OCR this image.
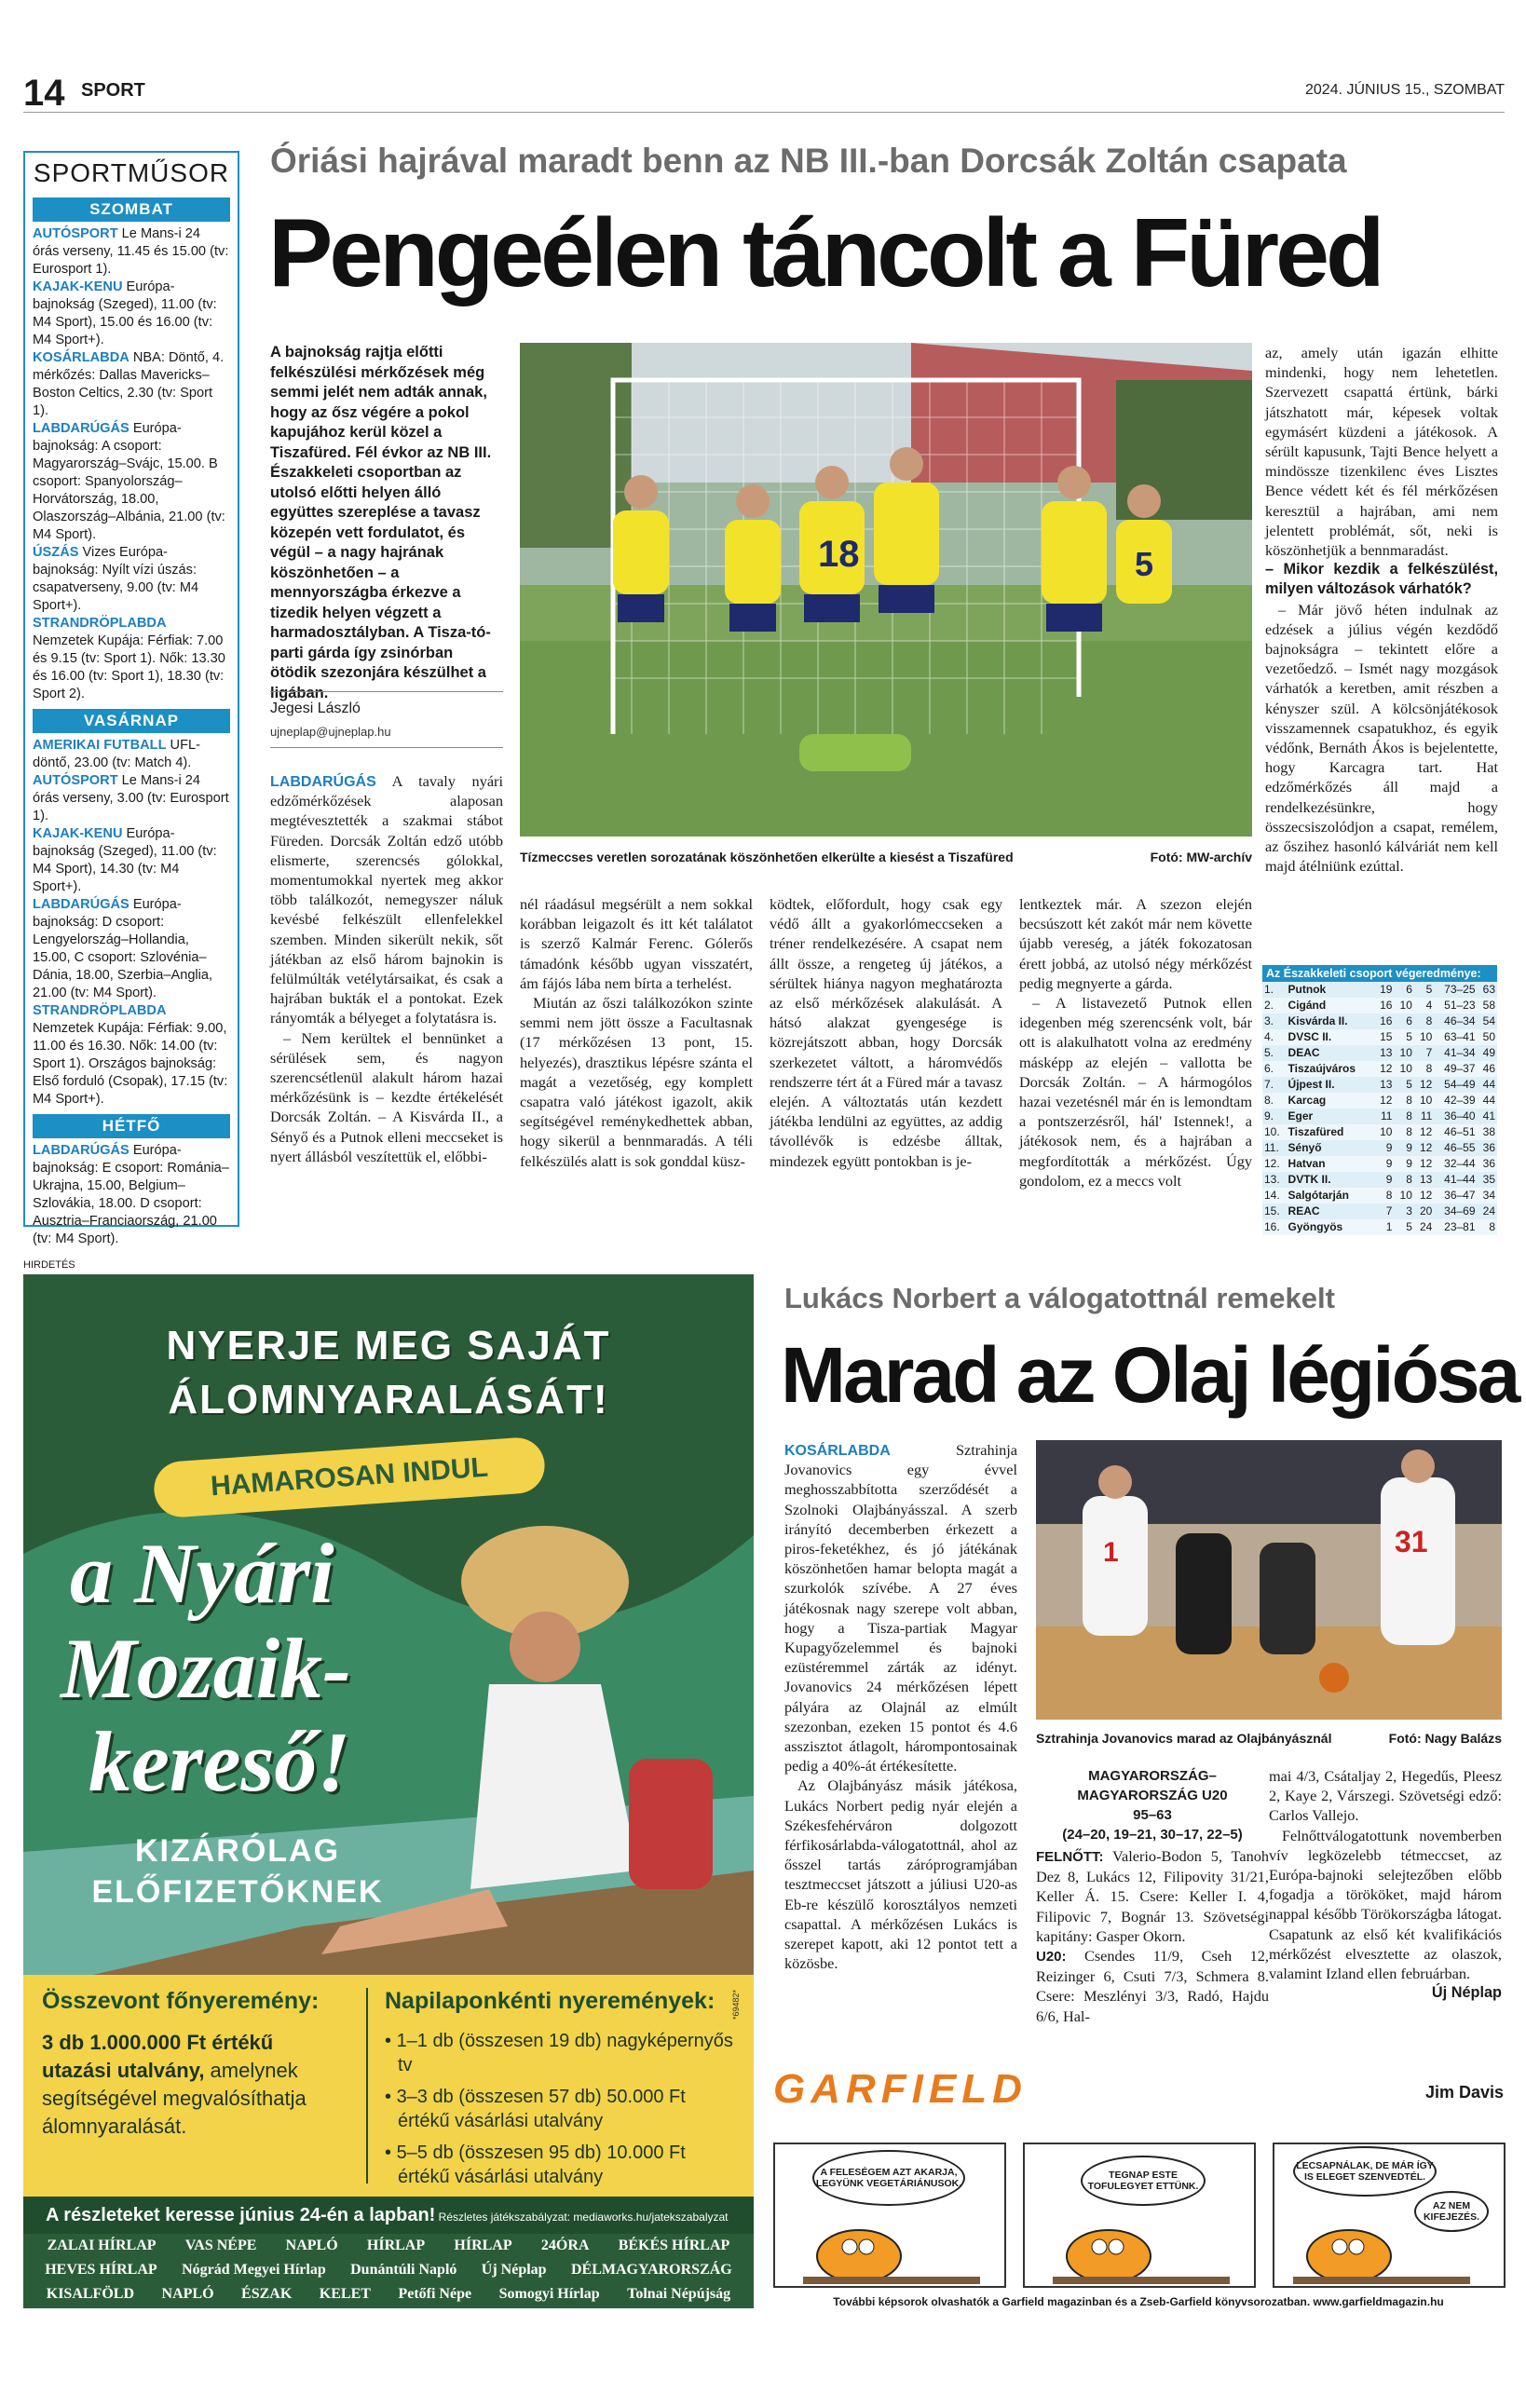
14 SPORT	2024. JÚNIUS 15., SZOMBAT
SPORTMŰSOR
SZOMBAT

AUTÓSPORT Le Mans-i 24 órás verseny, 11.45 és 15.00 (tv: Eurosport 1).

KAJAK-KENU Európa-bajnokság (Szeged), 11.00 (tv: M4 Sport), 15.00 és 16.00 (tv: M4 Sport+).

KOSÁRLABDA NBA: Döntő, 4. mérkőzés: Dallas Mavericks–Boston Celtics, 2.30 (tv: Sport 1).

LABDARÚGÁS Európa-bajnokság: A csoport: Magyarország–Svájc, 15.00. B csoport: Spanyolország–Horvátország, 18.00, Olaszország–Albánia, 21.00 (tv: M4 Sport).

ÚSZÁS Vizes Európa-bajnokság: Nyílt vízi úszás: csapatverseny, 9.00 (tv: M4 Sport+).

STRANDRÖPLABDA Nemzetek Kupája: Férfiak: 7.00 és 9.15 (tv: Sport 1). Nők: 13.30 és 16.00 (tv: Sport 1), 18.30 (tv: Sport 2).

VASÁRNAP

AMERIKAI FUTBALL UFL-döntő, 23.00 (tv: Match 4).

AUTÓSPORT Le Mans-i 24 órás verseny, 3.00 (tv: Eurosport 1).

KAJAK-KENU Európa-bajnokság (Szeged), 11.00 (tv: M4 Sport), 14.30 (tv: M4 Sport+).

LABDARÚGÁS Európa-bajnokság: D csoport: Lengyelország–Hollandia, 15.00, C csoport: Szlovénia–Dánia, 18.00, Szerbia–Anglia, 21.00 (tv: M4 Sport).

STRANDRÖPLABDA Nemzetek Kupája: Férfiak: 9.00, 11.00 és 16.30. Nők: 14.00 (tv: Sport 1). Országos bajnokság: Első forduló (Csopak), 17.15 (tv: M4 Sport+).

HÉTFŐ

LABDARÚGÁS Európa-bajnokság: E csoport: Románia–Ukrajna, 15.00, Belgium–Szlovákia, 18.00. D csoport: Ausztria–Franciaország, 21.00 (tv: M4 Sport).

Óriási hajrával maradt benn az NB III.-ban Dorcsák Zoltán csapata
Pengeélen táncolt a Füred
A bajnokság rajtja előtti felkészülési mérkőzések még semmi jelét nem adták annak, hogy az ősz végére a pokol kapujához kerül közel a Tiszafüred. Fél évkor az NB III. Északkeleti csoportban az utolsó előtti helyen álló együttes szereplése a tavasz közepén vett fordulatot, és végül – a nagy hajrának köszönhetően – a mennyországba érkezve a tizedik helyen végzett a harmadosztályban. A Tisza-tó-parti gárda így zsinórban ötödik szezonjára készülhet a ligában.
Jegesi László
ujneplap@ujneplap.hu
18	5
Tízmeccses veretlen sorozatának köszönhetően elkerülte a kiesést a Tiszafüred	Fotó: MW-archív

LABDARÚGÁS A tavaly nyári edzőmérkőzések alaposan megtévesztették a szakmai stábot Füreden. Dorcsák Zoltán edző utóbb elismerte, szerencsés gólokkal, momentumokkal nyertek meg akkor több találkozót, nemegyszer náluk kevésbé felkészült ellenfelekkel szemben. Minden sikerült nekik, sőt játékban az első három bajnokin is felülmúlták vetélytársaikat, és csak a hajrában bukták el a pontokat. Ezek rányomták a bélyeget a folytatásra is.

– Nem kerültek el bennünket a sérülések sem, és nagyon szerencsétlenül alakult három hazai mérkőzésünk is – kezdte értékelését Dorcsák Zoltán. – A Kisvárda II., a Sényő és a Putnok elleni meccseket is nyert állásból veszítettük el, előbbi-

nél ráadásul megsérült a nem sokkal korábban leigazolt és itt két találatot is szerző Kalmár Ferenc. Gólerős támadónk később ugyan visszatért, ám fájós lába nem bírta a terhelést.

Miután az őszi találkozókon szinte semmi nem jött össze a Facultasnak (17 mérkőzésen 13 pont, 15. helyezés), drasztikus lépésre szánta el magát a vezetőség, egy komplett csapatra való játékost igazolt, akik segítségével reménykedhettek abban, hogy sikerül a bennmaradás. A téli felkészülés alatt is sok gonddal küsz-

ködtek, előfordult, hogy csak egy védő állt a gyakorlómeccseken a tréner rendelkezésére. A csapat nem állt össze, a rengeteg új játékos, a sérültek hiánya nagyon meghatározta az első mérkőzések alakulását. A hátsó alakzat gyengesége is közrejátszott abban, hogy Dorcsák szerkezetet váltott, a háromvédős rendszerre tért át a Füred már a tavasz elején. A változtatás után kezdett játékba lendülni az együttes, az addig távollévők is edzésbe álltak, mindezek együtt pontokban is je-

lentkeztek már. A szezon elején becsúszott két zakót már nem követte újabb vereség, a játék fokozatosan érett jobbá, az utolsó négy mérkőzést pedig megnyerte a gárda.

– A listavezető Putnok ellen idegenben még szerencsénk volt, bár ott is alakulhatott volna az eredmény másképp az elején – vallotta be Dorcsák Zoltán. – A hármogólos hazai vezetésnél már én is lemondtam a pontszerzésről, hál' Istennek!, a játékosok nem, és a hajrában a megfordították a mérkőzést. Úgy gondolom, ez a meccs volt

az, amely után igazán elhitte mindenki, hogy nem lehetetlen. Szervezett csapattá értünk, bárki játszhatott már, képesek voltak egymásért küzdeni a játékosok. A sérült kapusunk, Tajti Bence helyett a mindössze tizenkilenc éves Lisztes Bence védett két és fél mérkőzésen keresztül a hajrában, ami nem jelentett problémát, sőt, neki is köszönhetjük a bennmaradást.

– Mikor kezdik a felkészülést, milyen változások várhatók?

– Már jövő héten indulnak az edzések a július végén kezdődő bajnokságra – tekintett előre a vezetőedző. – Ismét nagy mozgások várhatók a keretben, amit részben a kényszer szül. A kölcsönjátékosok visszamennek csapatukhoz, és egyik védőnk, Bernáth Ákos is bejelentette, hogy Karcagra tart. Hat edzőmérkőzés áll majd a rendelkezésünkre, hogy összecsiszolódjon a csapat, remélem, az őszihez hasonló kálváriát nem kell majd átélniünk ezúttal.

Az Északkeleti csoport végeredménye:
1.	Putnok	19	6	5	73–25	63
2.	Cigánd	16	10	4	51–23	58
3.	Kisvárda II.	16	6	8	46–34	54
4.	DVSC II.	15	5	10	63–41	50
5.	DEAC	13	10	7	41–34	49
6.	Tiszaújváros	12	10	8	49–37	46
7.	Újpest II.	13	5	12	54–49	44
8.	Karcag	12	8	10	42–39	44
9.	Eger	11	8	11	36–40	41
10.	Tiszafüred	10	8	12	46–51	38
11.	Sényő	9	9	12	46–55	36
12.	Hatvan	9	9	12	32–44	36
13.	DVTK II.	9	8	13	41–44	35
14.	Salgótarján	8	10	12	36–47	34
15.	REAC	7	3	20	34–69	24
16.	Gyöngyös	1	5	24	23–81	8
HIRDETÉS
NYERJE MEG SAJÁT
ÁLOMNYARALÁSÁT!
HAMAROSAN INDUL
a Nyári
Mozaik-
kereső!
KIZÁRÓLAG
ELŐFIZETŐKNEK
Összevont főnyeremény:
3 db 1.000.000 Ft értékű utazási utalvány, amelynek segítségével megvalósíthatja álomnyaralását.
Napilaponkénti nyeremények:
• 1–1 db (összesen 19 db) nagyképernyős tv
• 3–3 db (összesen 57 db) 50.000 Ft értékű vásárlási utalvány
• 5–5 db (összesen 95 db) 10.000 Ft értékű vásárlási utalvány
A részleteket keresse június 24-én a lapban! Részletes játékszabályzat: mediaworks.hu/jatekszabalyzat
*69482*
ZALAI HÍRLAP VAS NÉPE NAPLÓ HÍRLAP HÍRLAP 24ÓRA BÉKÉS HÍRLAP
HEVES HÍRLAP Nógrád Megyei Hírlap Dunántúli Napló Új Néplap DÉLMAGYARORSZÁG
KISALFÖLD NAPLÓ ÉSZAK KELET Petőfi Népe Somogyi Hírlap Tolnai Népújság
Lukács Norbert a válogatottnál remekelt
Marad az Olaj légiósa

KOSÁRLABDA Sztrahinja Jovanovics egy évvel meghosszabbította szerződését a Szolnoki Olajbányásszal. A szerb irányító decemberben érkezett a piros-feketékhez, és jó játékának köszönhetően hamar belopta magát a szurkolók szívébe. A 27 éves játékosnak nagy szerepe volt abban, hogy a Tisza-partiak Magyar Kupagyőzelemmel és bajnoki ezüstéremmel zárták az idényt. Jovanovics 24 mérkőzésen lépett pályára az Olajnál az elmúlt szezonban, ezeken 15 pontot és 4.6 asszisztot átlagolt, hárompontosainak pedig a 40%-át értékesítette.

Az Olajbányász másik játékosa, Lukács Norbert pedig nyár elején a Székesfehérváron dolgozott férfikosárlabda-válogatottnál, ahol az ősszel tartás záróprogramjában tesztmeccset játszott a júliusi U20-as Eb-re készülő korosztályos nemzeti csapattal. A mérkőzésen Lukács is szerepet kapott, aki 12 pontot tett a közösbe.

1	31
Sztrahinja Jovanovics marad az Olajbányásznál	Fotó: Nagy Balázs
MAGYARORSZÁG–
MAGYARORSZÁG U20
95–63
(24–20, 19–21, 30–17, 22–5)
FELNŐTT: Valerio-Bodon 5, Tanoh Dez 8, Lukács 12, Filipovity 31/21, Keller Á. 15. Csere: Keller I. 4, Filipovic 7, Bognár 13. Szövetségi kapitány: Gasper Okorn.
U20: Csendes 11/9, Cseh 12, Reizinger 6, Csuti 7/3, Schmera 8. Csere: Meszlényi 3/3, Radó, Hajdu 6/6, Hal-

mai 4/3, Csátaljay 2, Hegedűs, Pleesz 2, Kaye 2, Várszegi. Szövetségi edző: Carlos Vallejo.

Felnőttválogatottunk novemberben vív legközelebb tétmeccset, az Európa-bajnoki selejtezőben előbb fogadja a törököket, majd három nappal később Törökországba látogat. Csapatunk az első két kvalifikációs mérkőzést elvesztette az olaszok, valamint Izland ellen februárban.

Új Néplap

GARFIELD	Jim Davis
A FELESÉGEM AZT AKARJA, LEGYÜNK VEGETÁRIÁNUSOK.
TEGNAP ESTE TOFULEGYET ETTÜNK.
LECSAPNÁLAK, DE MÁR ÍGY IS ELEGET SZENVEDTÉL.
AZ NEM KIFEJEZÉS.
További képsorok olvashatók a Garfield magazinban és a Zseb-Garfield könyvsorozatban. www.garfieldmagazin.hu
